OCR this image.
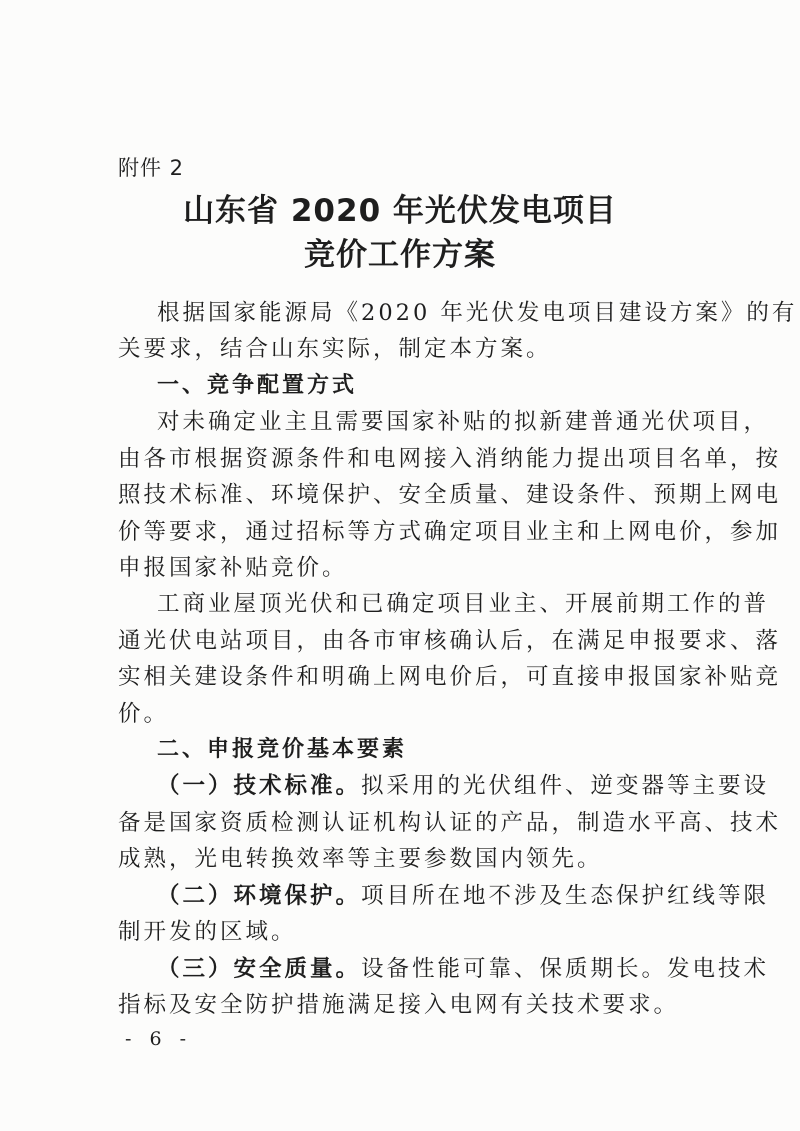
附件 2
山东省 2020 年光伏发电项目
竞价工作方案
根据国家能源局《2020 年光伏发电项目建设方案》的有
关要求，结合山东实际，制定本方案。
一、竞争配置方式
对未确定业主且需要国家补贴的拟新建普通光伏项目，
由各市根据资源条件和电网接入消纳能力提出项目名单，按
照技术标准、环境保护、安全质量、建设条件、预期上网电
价等要求，通过招标等方式确定项目业主和上网电价，参加
申报国家补贴竞价。
工商业屋顶光伏和已确定项目业主、开展前期工作的普
通光伏电站项目，由各市审核确认后，在满足申报要求、落
实相关建设条件和明确上网电价后，可直接申报国家补贴竞
价。
二、申报竞价基本要素
（一）技术标准。拟采用的光伏组件、逆变器等主要设
备是国家资质检测认证机构认证的产品，制造水平高、技术
成熟，光电转换效率等主要参数国内领先。
（二）环境保护。项目所在地不涉及生态保护红线等限
制开发的区域。
（三）安全质量。设备性能可靠、保质期长。发电技术
指标及安全防护措施满足接入电网有关技术要求。
- 6 -
